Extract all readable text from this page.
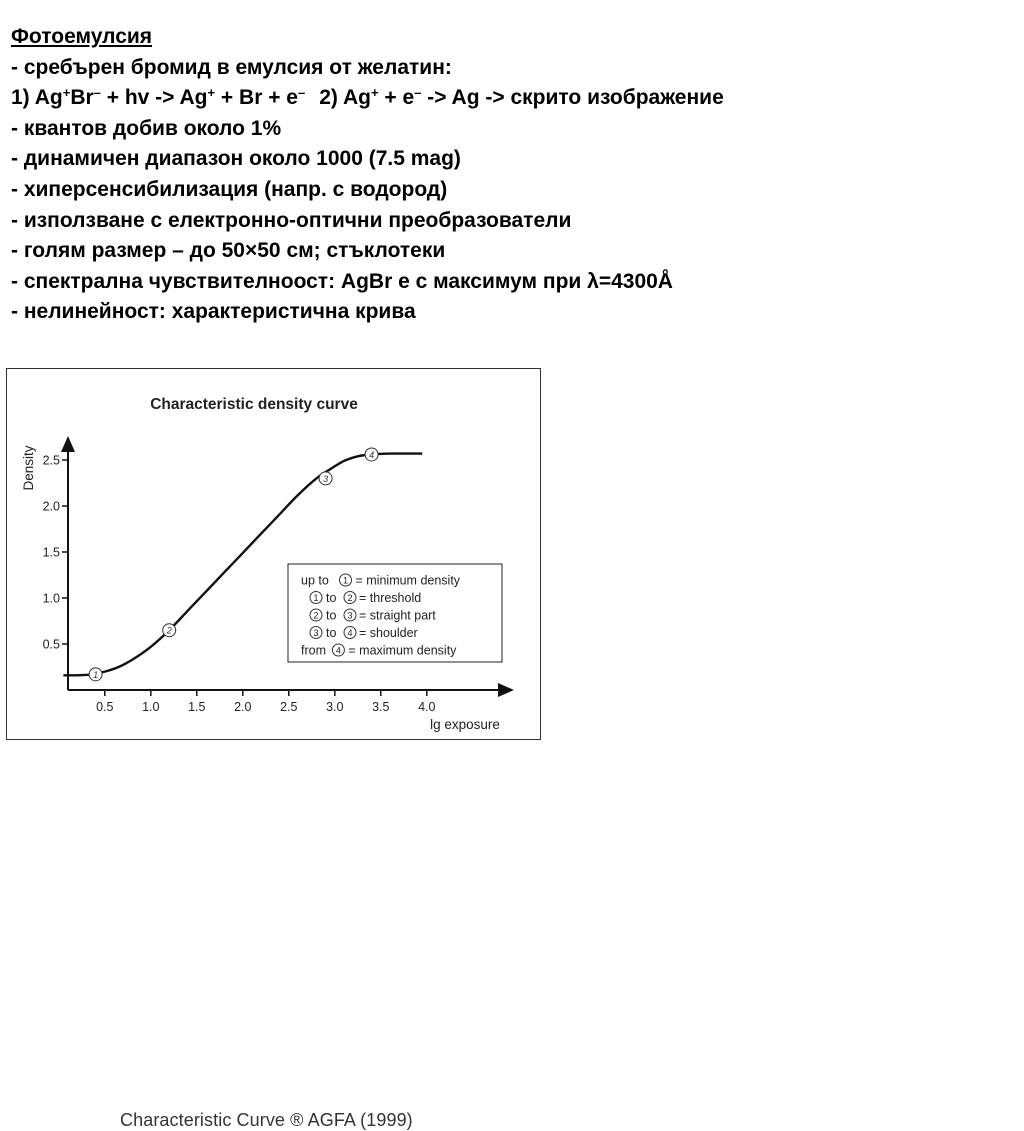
Фотоемулсия
- сребърен бромид в емулсия от желатин:
1) Ag+Br– + hv -> Ag+ + Br + e– 2) Ag+ + e– -> Ag -> скрито изображение
- квантов добив около 1%
- динамичен диапазон около 1000 (7.5 mag)
- хиперсенсибилизация (напр. с водород)
- използване с електронно-оптични преобразователи
- голям размер – до 50×50 см; стъклотеки
- спектрална чувствителноост: AgBr е с максимум при λ=4300Å
- нелинейност: характеристична крива
Characteristic density curve
Density
lg exposure
0.5 1.0 1.5 2.0 2.5 3.0 3.5 4.0
0.5
1.0
1.5
2.0
2.5
1
2
3
4
up to 1 = minimum density
1 to 2 = threshold
2 to 3 = straight part
3 to 4 = shoulder
from 4 = maximum density
Characteristic Curve ® AGFA (1999)
